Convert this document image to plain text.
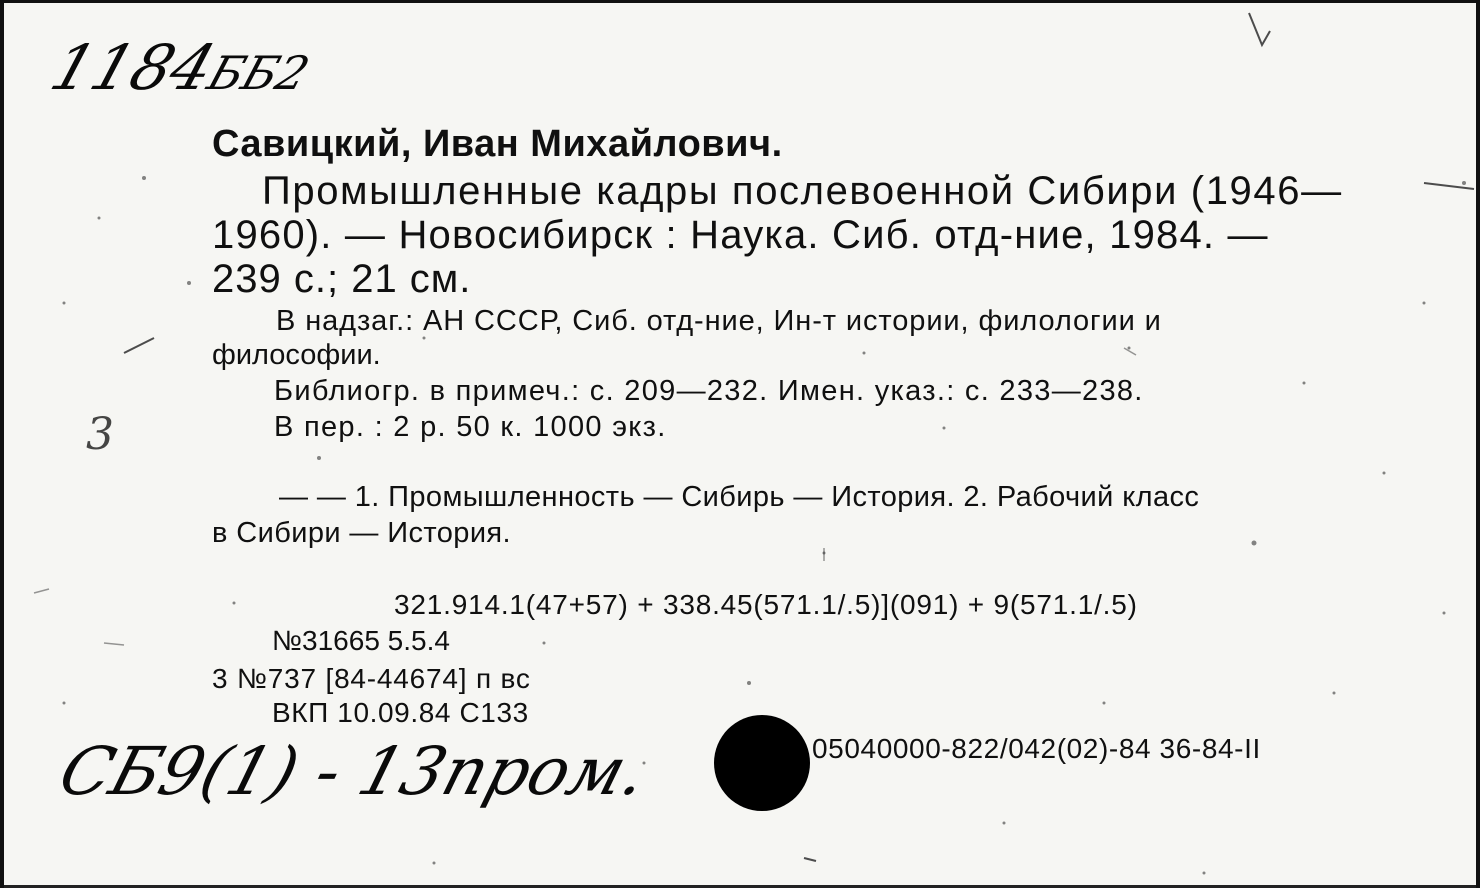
1184ББ2
3
Савицкий, Иван Михайлович.
Промышленные кадры послевоенной Сибири (1946—
1960). — Новосибирск : Наука. Сиб. отд-ние, 1984. —
239 с.; 21 см.
В надзаг.: АН СССР, Сиб. отд-ние, Ин-т истории, филологии и
философии.
Библиогр. в примеч.: с. 209—232. Имен. указ.: с. 233—238.
В пер. : 2 р. 50 к. 1000 экз.
— — 1. Промышленность — Сибирь — История. 2. Рабочий класс
в Сибири — История.
321.914.1(47+57) + 338.45(571.1/.5)](091) + 9(571.1/.5)
№31665 5.5.4
3 №737 [84-44674] п вс
ВКП 10.09.84 С133
05040000-822/042(02)-84 36-84-II
СБ9(1) - 13пром.
